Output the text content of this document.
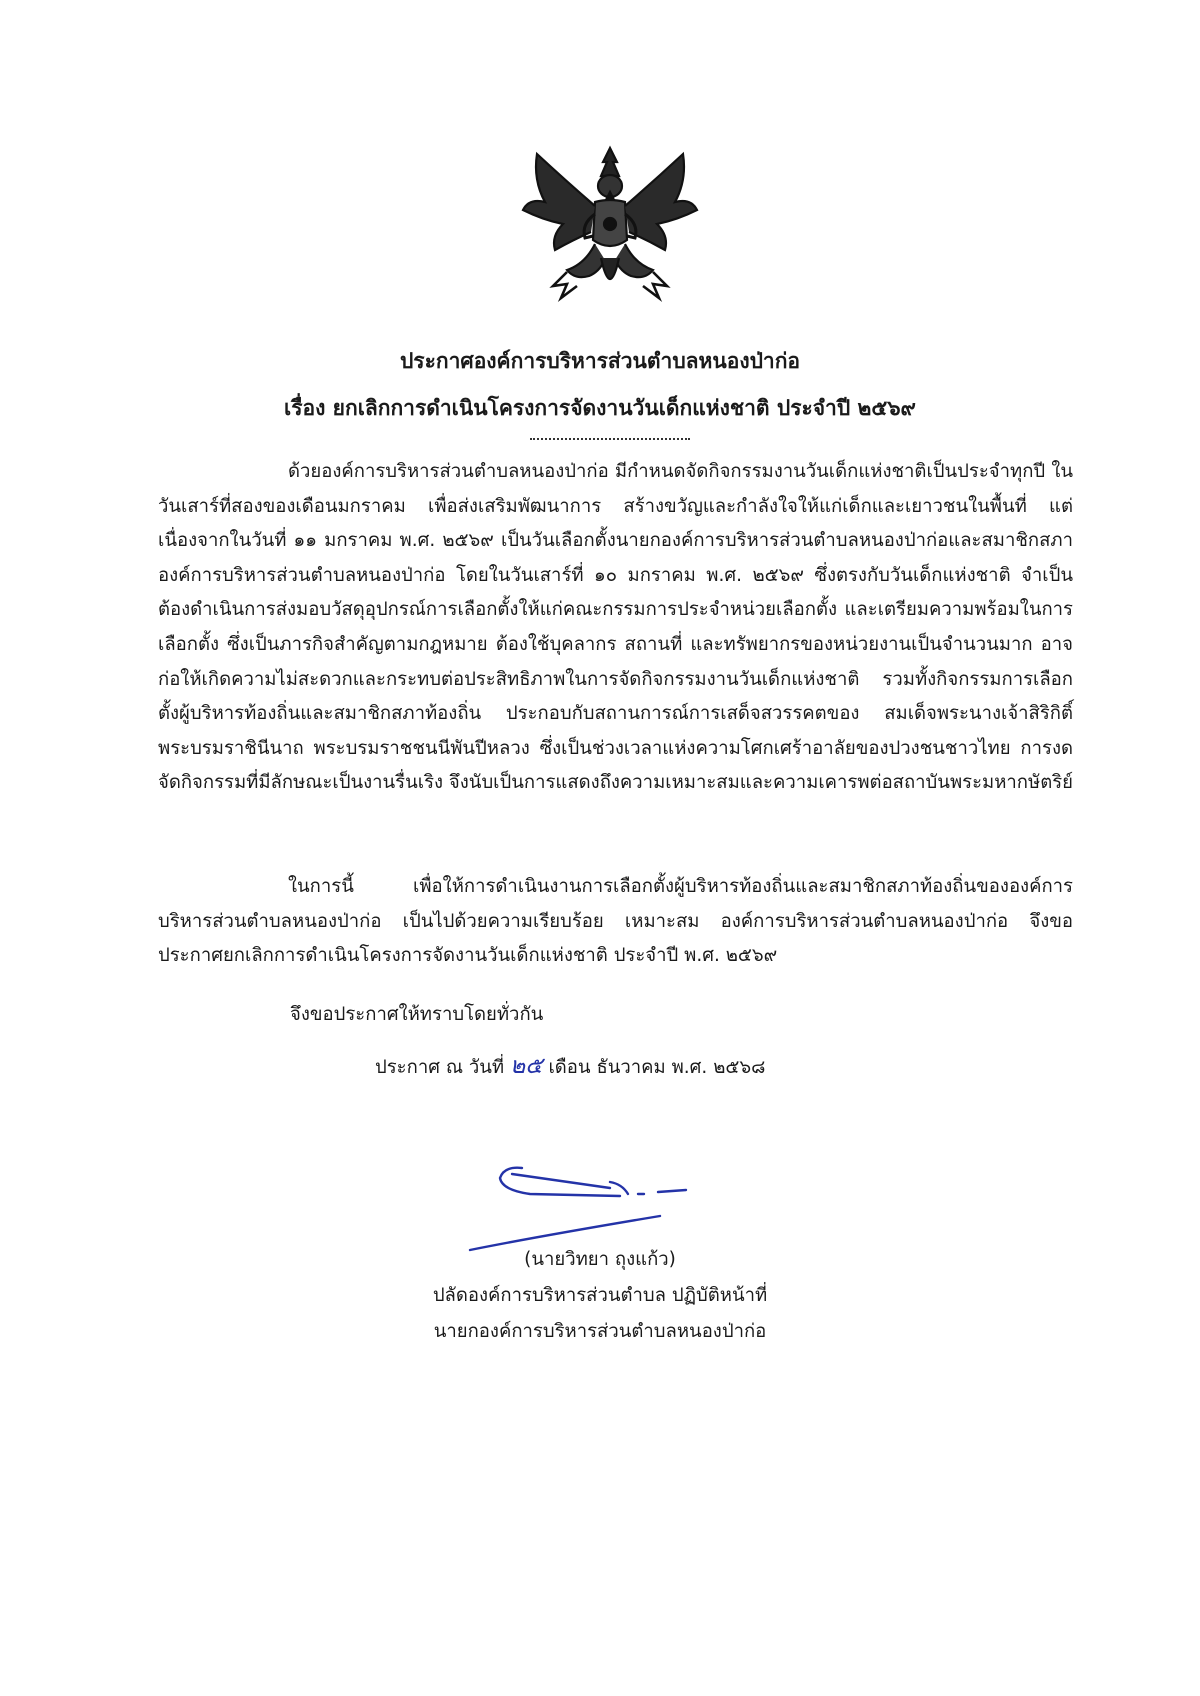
ประกาศองค์การบริหารส่วนตำบลหนองป่าก่อ
เรื่อง ยกเลิกการดำเนินโครงการจัดงานวันเด็กแห่งชาติ ประจำปี ๒๕๖๙

ด้วยองค์การบริหารส่วนตำบลหนองป่าก่อ มีกำหนดจัดกิจกรรมงานวันเด็กแห่งชาติเป็นประจำทุกปี ในวันเสาร์ที่สองของเดือนมกราคม เพื่อส่งเสริมพัฒนาการ สร้างขวัญและกำลังใจให้แก่เด็กและเยาวชนในพื้นที่ แต่เนื่องจากในวันที่ ๑๑ มกราคม พ.ศ. ๒๕๖๙ เป็นวันเลือกตั้งนายกองค์การบริหารส่วนตำบลหนองป่าก่อและสมาชิกสภาองค์การบริหารส่วนตำบลหนองป่าก่อ โดยในวันเสาร์ที่ ๑๐ มกราคม พ.ศ. ๒๕๖๙ ซึ่งตรงกับวันเด็กแห่งชาติ จำเป็นต้องดำเนินการส่งมอบวัสดุอุปกรณ์การเลือกตั้งให้แก่คณะกรรมการประจำหน่วยเลือกตั้ง และเตรียมความพร้อมในการเลือกตั้ง ซึ่งเป็นภารกิจสำคัญตามกฎหมาย ต้องใช้บุคลากร สถานที่ และทรัพยากรของหน่วยงานเป็นจำนวนมาก อาจก่อให้เกิดความไม่สะดวกและกระทบต่อประสิทธิภาพในการจัดกิจกรรมงานวันเด็กแห่งชาติ รวมทั้งกิจกรรมการเลือกตั้งผู้บริหารท้องถิ่นและสมาชิกสภาท้องถิ่น ประกอบกับสถานการณ์การเสด็จสวรรคตของ สมเด็จพระนางเจ้าสิริกิติ์ พระบรมราชินีนาถ พระบรมราชชนนีพันปีหลวง ซึ่งเป็นช่วงเวลาแห่งความโศกเศร้าอาลัยของปวงชนชาวไทย การงดจัดกิจกรรมที่มีลักษณะเป็นงานรื่นเริง จึงนับเป็นการแสดงถึงความเหมาะสมและความเคารพต่อสถาบันพระมหากษัตริย์

ในการนี้ เพื่อให้การดำเนินงานการเลือกตั้งผู้บริหารท้องถิ่นและสมาชิกสภาท้องถิ่นขององค์การบริหารส่วนตำบลหนองป่าก่อ เป็นไปด้วยความเรียบร้อย เหมาะสม องค์การบริหารส่วนตำบลหนองป่าก่อ จึงขอประกาศยกเลิกการดำเนินโครงการจัดงานวันเด็กแห่งชาติ ประจำปี พ.ศ. ๒๕๖๙

จึงขอประกาศให้ทราบโดยทั่วกัน
ประกาศ ณ วันที่ ๒๕ เดือน ธันวาคม พ.ศ. ๒๕๖๘
(นายวิทยา ถุงแก้ว)
ปลัดองค์การบริหารส่วนตำบล ปฏิบัติหน้าที่
นายกองค์การบริหารส่วนตำบลหนองป่าก่อ
